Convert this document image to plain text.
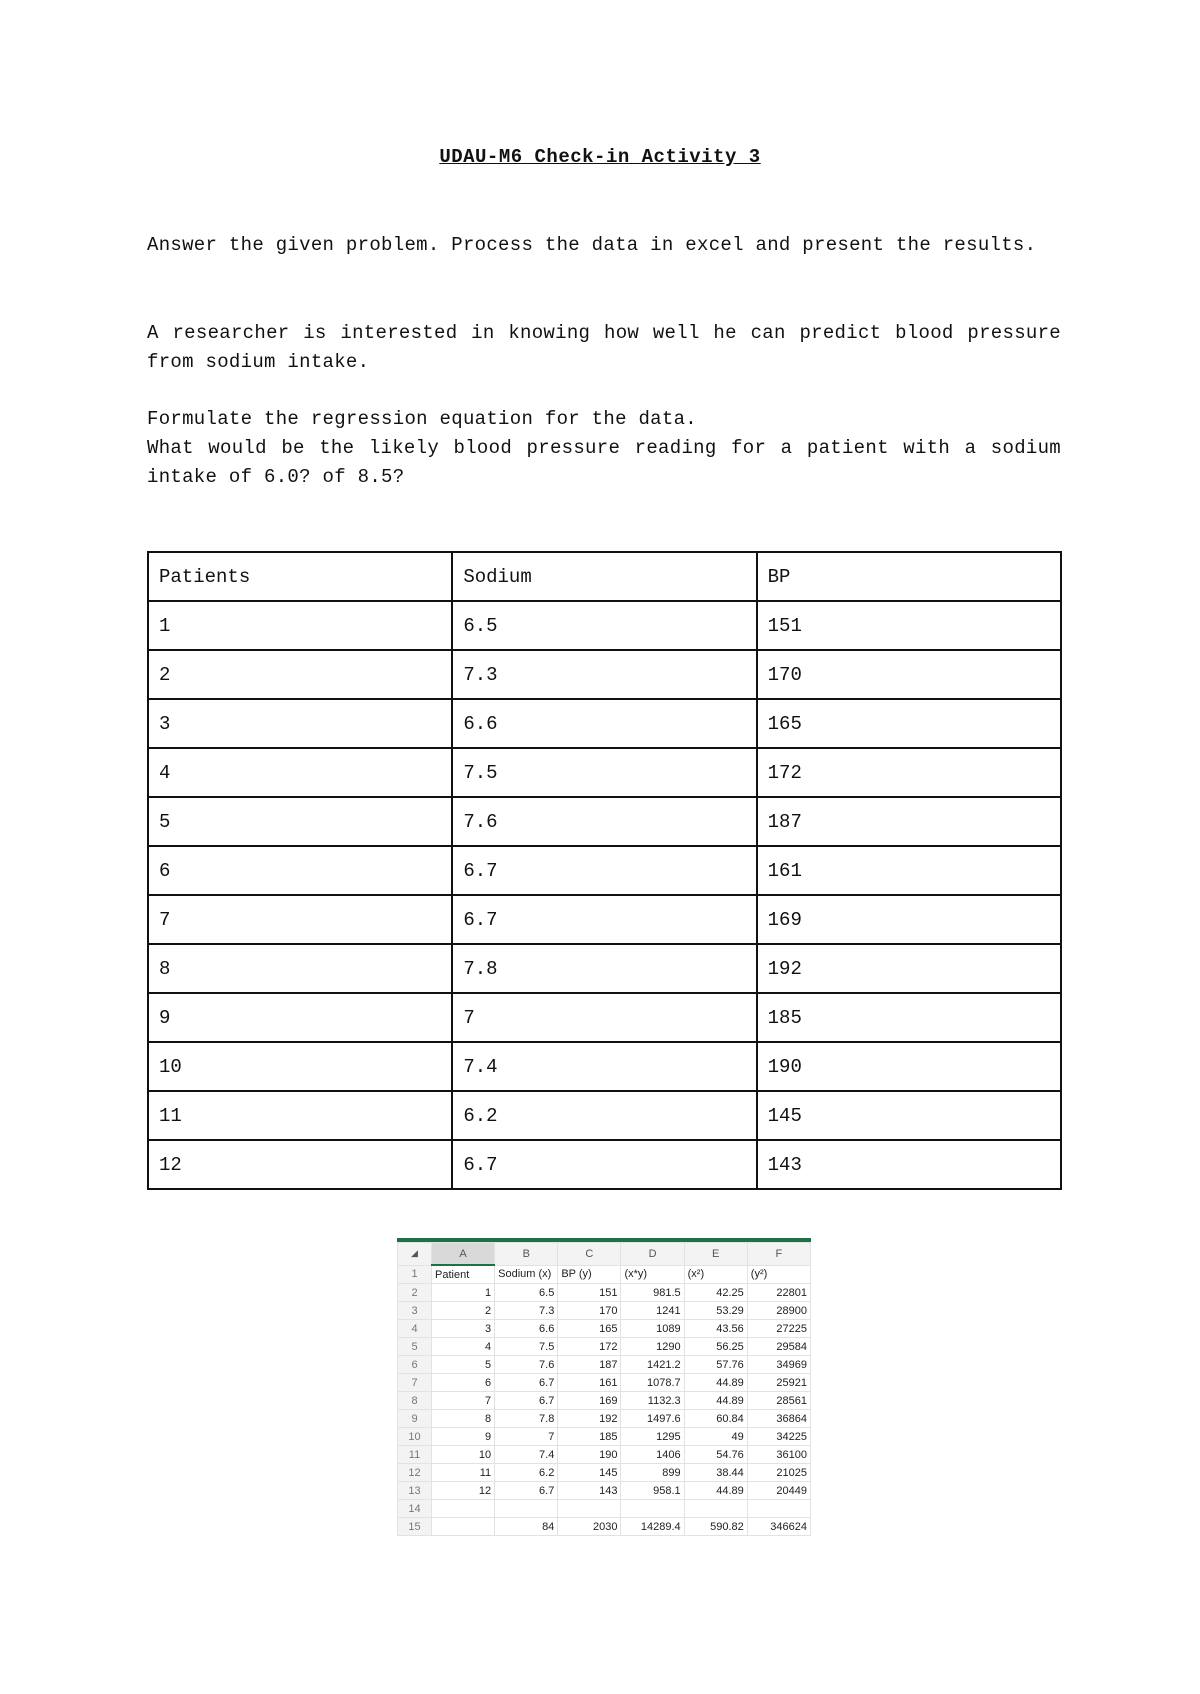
UDAU-M6 Check-in Activity 3
Answer the given problem. Process the data in excel and present the results.
A researcher is interested in knowing how well he can predict blood pressure from sodium intake.
Formulate the regression equation for the data.
What would be the likely blood pressure reading for a patient with a sodium intake of 6.0? of 8.5?
Patients	Sodium	BP
1	6.5	151
2	7.3	170
3	6.6	165
4	7.5	172
5	7.6	187
6	6.7	161
7	6.7	169
8	7.8	192
9	7	185
10	7.4	190
11	6.2	145
12	6.7	143
◢	A	B	C	D	E	F
1	Patient	Sodium (x)	BP (y)	(x*y)	(x²)	(y²)
2	1	6.5	151	981.5	42.25	22801
3	2	7.3	170	1241	53.29	28900
4	3	6.6	165	1089	43.56	27225
5	4	7.5	172	1290	56.25	29584
6	5	7.6	187	1421.2	57.76	34969
7	6	6.7	161	1078.7	44.89	25921
8	7	6.7	169	1132.3	44.89	28561
9	8	7.8	192	1497.6	60.84	36864
10	9	7	185	1295	49	34225
11	10	7.4	190	1406	54.76	36100
12	11	6.2	145	899	38.44	21025
13	12	6.7	143	958.1	44.89	20449
14						
15		84	2030	14289.4	590.82	346624
